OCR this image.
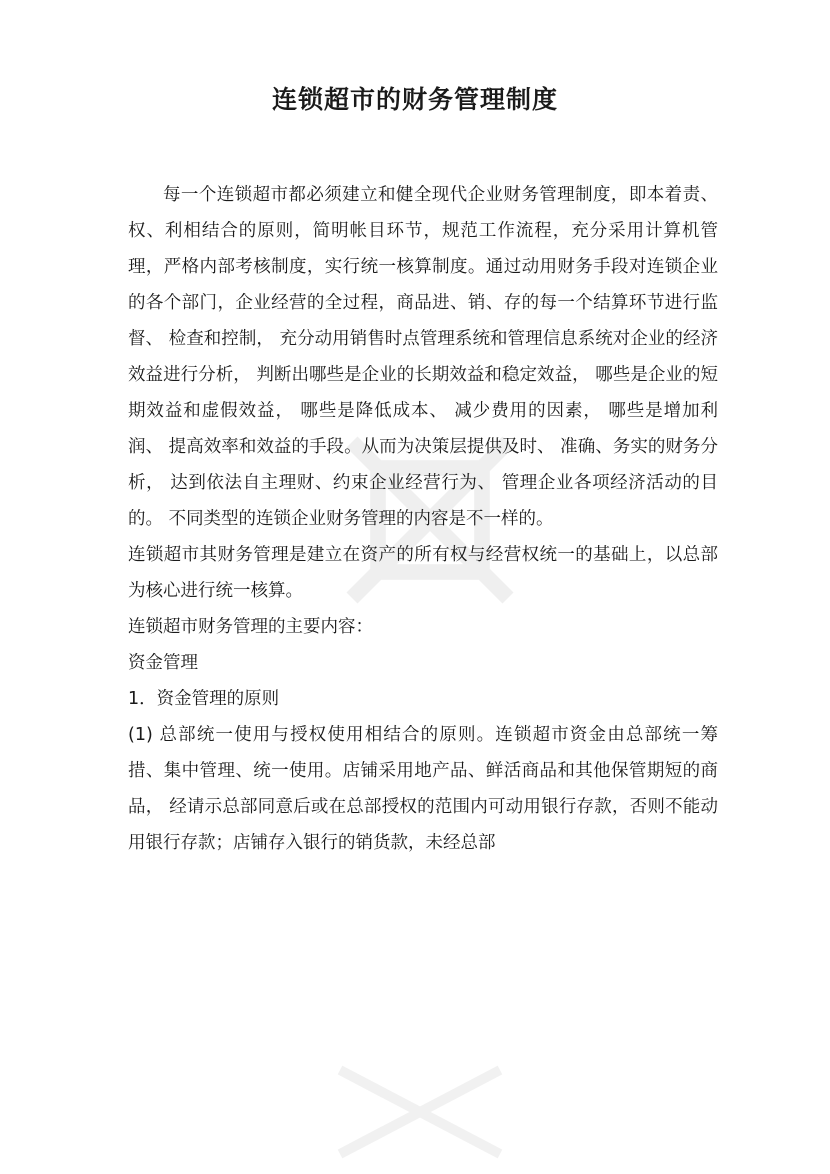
连锁超市的财务管理制度

每一个连锁超市都必须建立和健全现代企业财务管理制度，即本着责、权、利相结合的原则，简明帐目环节，规范工作流程，充分采用计算机管理，严格内部考核制度，实行统一核算制度。通过动用财务手段对连锁企业的各个部门，企业经营的全过程，商品进、销、存的每一个结算环节进行监督、 检查和控制， 充分动用销售时点管理系统和管理信息系统对企业的经济效益进行分析， 判断出哪些是企业的长期效益和稳定效益， 哪些是企业的短期效益和虚假效益， 哪些是降低成本、 减少费用的因素， 哪些是增加利润、 提高效率和效益的手段。从而为决策层提供及时、 准确、务实的财务分析， 达到依法自主理财、约束企业经营行为、 管理企业各项经济活动的目的。 不同类型的连锁企业财务管理的内容是不一样的。

连锁超市其财务管理是建立在资产的所有权与经营权统一的基础上，以总部为核心进行统一核算。

连锁超市财务管理的主要内容：

资金管理

1．资金管理的原则

(1) 总部统一使用与授权使用相结合的原则。连锁超市资金由总部统一筹措、集中管理、统一使用。店铺采用地产品、鲜活商品和其他保管期短的商品， 经请示总部同意后或在总部授权的范围内可动用银行存款，否则不能动用银行存款；店铺存入银行的销货款，未经总部
